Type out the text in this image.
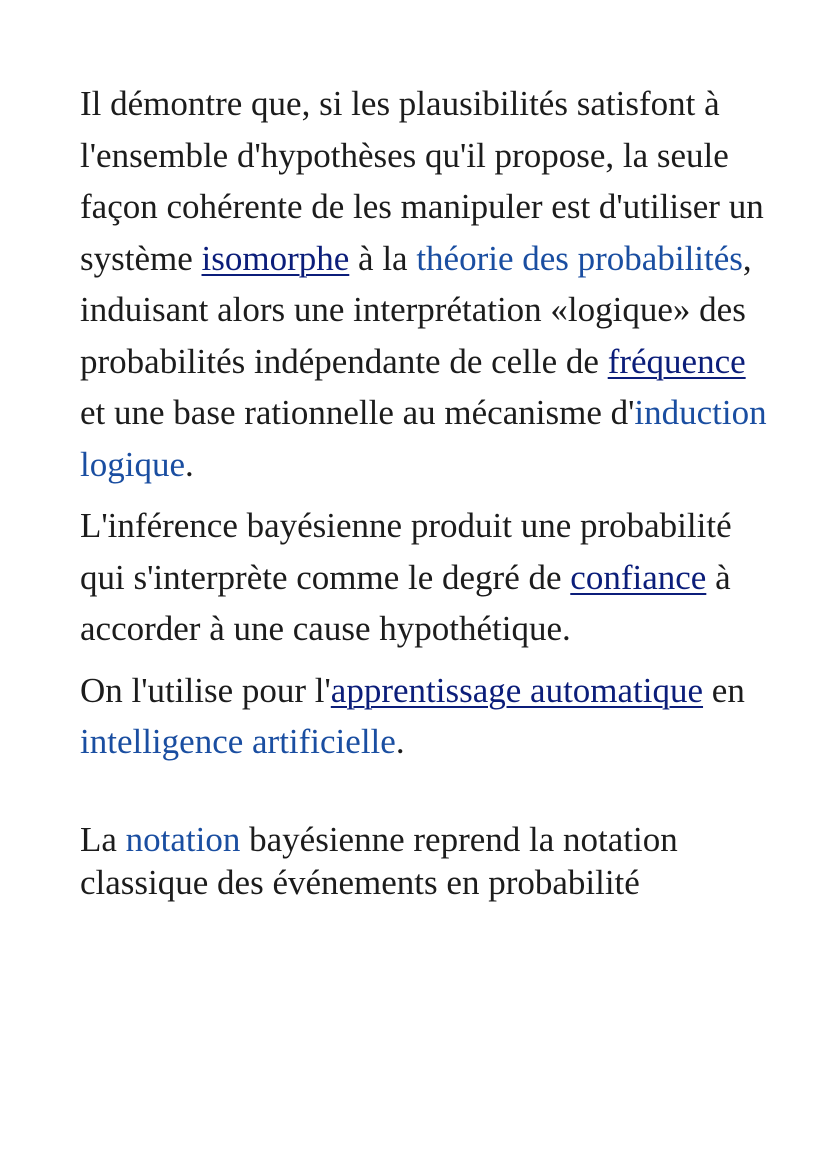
Il démontre que, si les plausibilités satisfont à l'ensemble d'hypothèses qu'il propose, la seule façon cohérente de les manipuler est d'utiliser un système isomorphe à la théorie des probabilités, induisant alors une interprétation «logique» des probabilités indépendante de celle de fréquence et une base rationnelle au mécanisme d'induction logique.

L'inférence bayésienne produit une probabilité qui s'interprète comme le degré de confiance à accorder à une cause hypothétique.

On l'utilise pour l'apprentissage automatique en intelligence artificielle.

La notation bayésienne reprend la notation classique des événements en probabilité
